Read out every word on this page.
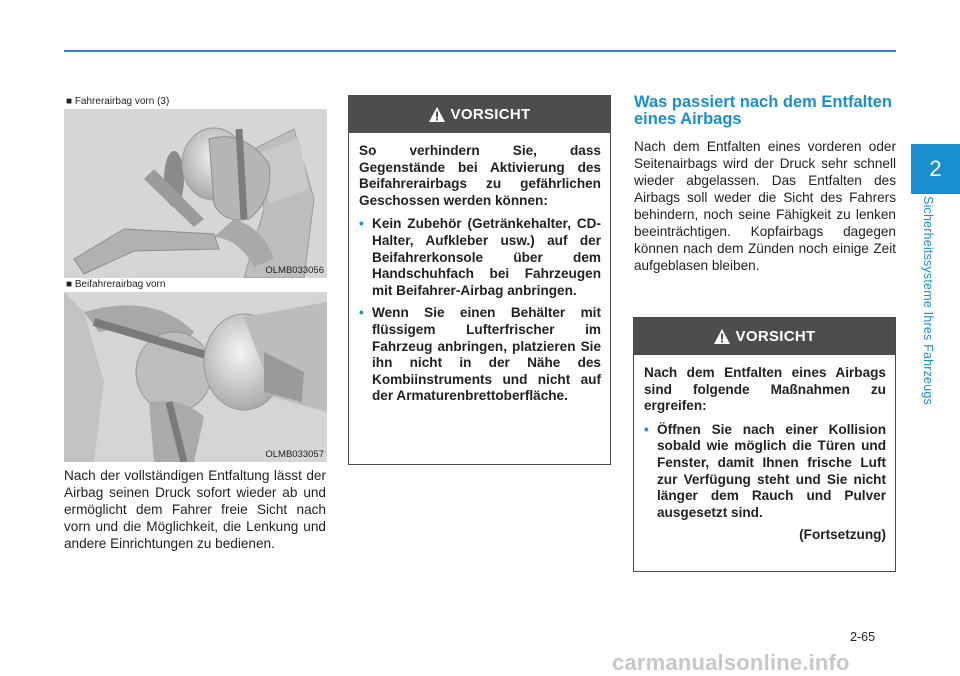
2
Sicherheitssysteme Ihres Fahrzeugs
■ Fahrerairbag vorn (3)
OLMB033056
■ Beifahrerairbag vorn
OLMB033057
Nach der vollständigen Entfaltung lässt der Airbag seinen Druck sofort wieder ab und ermöglicht dem Fahrer freie Sicht nach vorn und die Möglichkeit, die Lenkung und andere Einrichtungen zu bedienen.
VORSICHT
So verhindern Sie, dass Gegenstände bei Aktivierung des Beifahrerairbags zu gefährlichen Geschossen werden können:
• Kein Zubehör (Getränkehalter, CD-Halter, Aufkleber usw.) auf der Beifahrerkonsole über dem Handschuhfach bei Fahrzeugen mit Beifahrer-Airbag anbringen.
• Wenn Sie einen Behälter mit flüssigem Lufterfrischer im Fahrzeug anbringen, platzieren Sie ihn nicht in der Nähe des Kombiinstruments und nicht auf der Armaturenbrettoberfläche.
Was passiert nach dem Entfalten eines Airbags
Nach dem Entfalten eines vorderen oder Seitenairbags wird der Druck sehr schnell wieder abgelassen. Das Entfalten des Airbags soll weder die Sicht des Fahrers behindern, noch seine Fähigkeit zu lenken beeinträchtigen. Kopfairbags dagegen können nach dem Zünden noch einige Zeit aufgeblasen bleiben.
VORSICHT
Nach dem Entfalten eines Airbags sind folgende Maßnahmen zu ergreifen:
• Öffnen Sie nach einer Kollision sobald wie möglich die Türen und Fenster, damit Ihnen frische Luft zur Verfügung steht und Sie nicht länger dem Rauch und Pulver ausgesetzt sind.
(Fortsetzung)
2-65
carmanualsonline.info
